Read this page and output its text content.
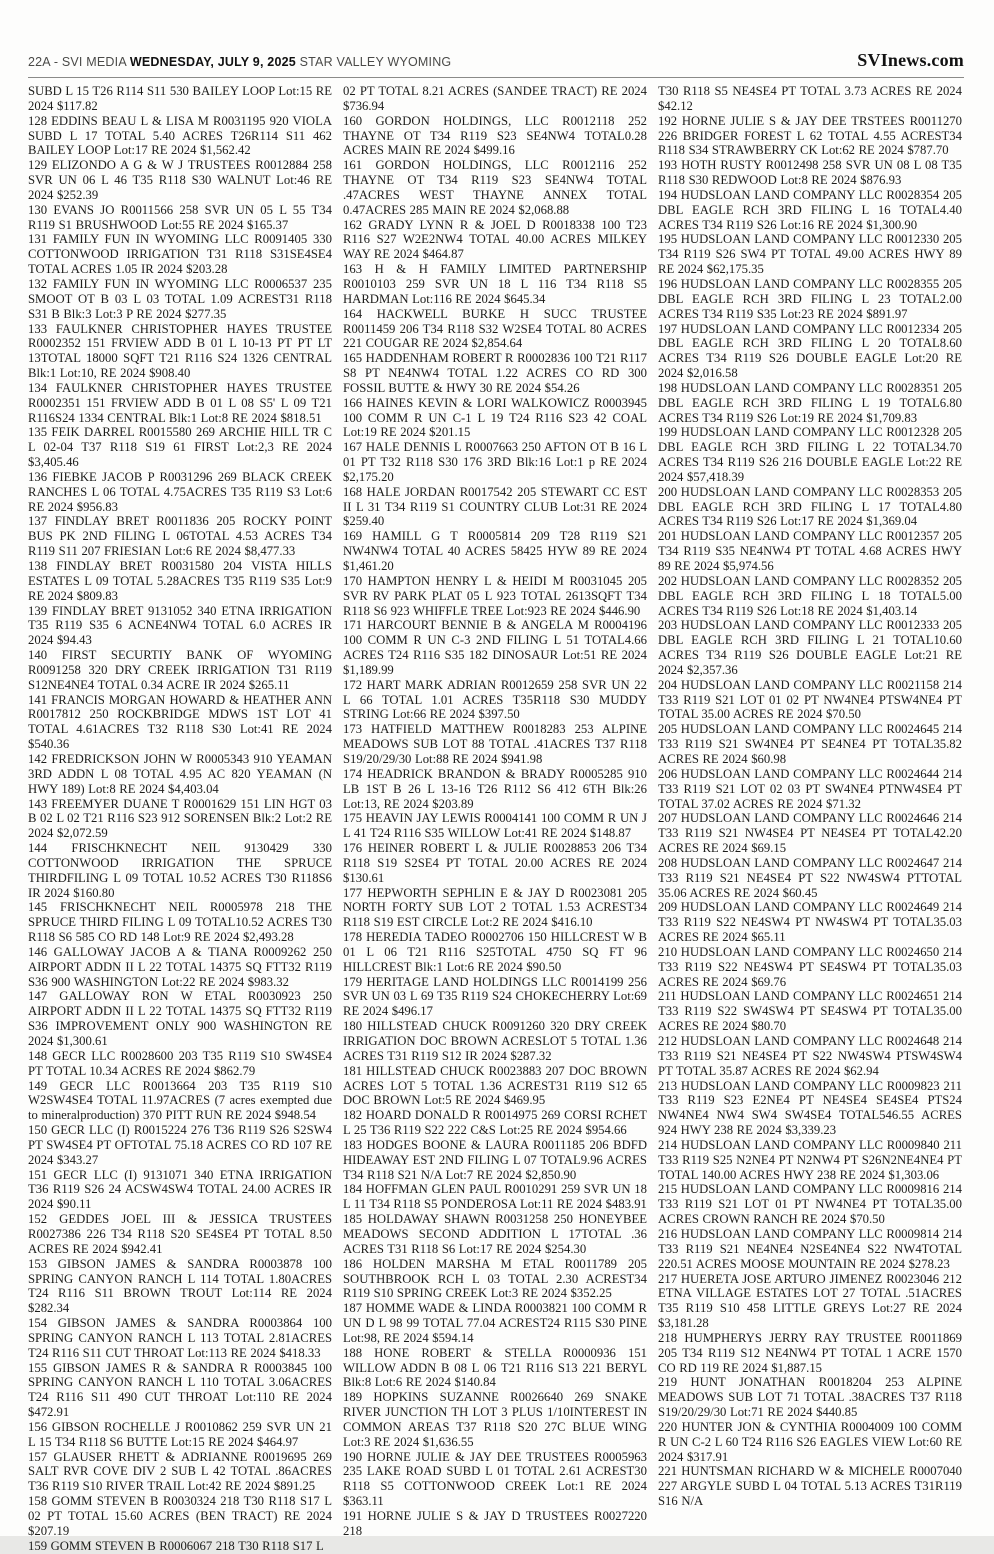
22A - SVI MEDIA WEDNESDAY, JULY 9, 2025 STAR VALLEY WYOMING	SVInews.com

SUBD L 15 T26 R114 S11 530 BAILEY LOOP Lot:15 RE 2024 $117.82

128 EDDINS BEAU L & LISA M R0031195 920 VIOLA SUBD L 17 TOTAL 5.40 ACRES T26R114 S11 462 BAILEY LOOP Lot:17 RE 2024 $1,562.42

129 ELIZONDO A G & W J TRUSTEES R0012884 258 SVR UN 06 L 46 T35 R118 S30 WALNUT Lot:46 RE 2024 $252.39

130 EVANS JO R0011566 258 SVR UN 05 L 55 T34 R119 S1 BRUSHWOOD Lot:55 RE 2024 $165.37

131 FAMILY FUN IN WYOMING LLC R0091405 330 COTTONWOOD IRRIGATION T31 R118 S31SE4SE4 TOTAL ACRES 1.05 IR 2024 $203.28

132 FAMILY FUN IN WYOMING LLC R0006537 235 SMOOT OT B 03 L 03 TOTAL 1.09 ACREST31 R118 S31 B Blk:3 Lot:3 P RE 2024 $277.35

133 FAULKNER CHRISTOPHER HAYES TRUSTEE R0002352 151 FRVIEW ADD B 01 L 10-13 PT PT LT 13TOTAL 18000 SQFT T21 R116 S24 1326 CENTRAL Blk:1 Lot:10, RE 2024 $908.40

134 FAULKNER CHRISTOPHER HAYES TRUSTEE R0002351 151 FRVIEW ADD B 01 L 08 S5' L 09 T21 R116S24 1334 CENTRAL Blk:1 Lot:8 RE 2024 $818.51

135 FEIK DARREL R0015580 269 ARCHIE HILL TR C L 02-04 T37 R118 S19 61 FIRST Lot:2,3 RE 2024 $3,405.46

136 FIEBKE JACOB P R0031296 269 BLACK CREEK RANCHES L 06 TOTAL 4.75ACRES T35 R119 S3 Lot:6 RE 2024 $956.83

137 FINDLAY BRET R0011836 205 ROCKY POINT BUS PK 2ND FILING L 06TOTAL 4.53 ACRES T34 R119 S11 207 FRIESIAN Lot:6 RE 2024 $8,477.33

138 FINDLAY BRET R0031580 204 VISTA HILLS ESTATES L 09 TOTAL 5.28ACRES T35 R119 S35 Lot:9 RE 2024 $809.83

139 FINDLAY BRET 9131052 340 ETNA IRRIGATION T35 R119 S35 6 ACNE4NW4 TOTAL 6.0 ACRES IR 2024 $94.43

140 FIRST SECURTIY BANK OF WYOMING R0091258 320 DRY CREEK IRRIGATION T31 R119 S12NE4NE4 TOTAL 0.34 ACRE IR 2024 $265.11

141 FRANCIS MORGAN HOWARD & HEATHER ANN R0017812 250 ROCKBRIDGE MDWS 1ST LOT 41 TOTAL 4.61ACRES T32 R118 S30 Lot:41 RE 2024 $540.36

142 FREDRICKSON JOHN W R0005343 910 YEAMAN 3RD ADDN L 08 TOTAL 4.95 AC 820 YEAMAN (N HWY 189) Lot:8 RE 2024 $4,403.04

143 FREEMYER DUANE T R0001629 151 LIN HGT 03 B 02 L 02 T21 R116 S23 912 SORENSEN Blk:2 Lot:2 RE 2024 $2,072.59

144 FRISCHKNECHT NEIL 9130429 330 COTTONWOOD IRRIGATION THE SPRUCE THIRDFILING L 09 TOTAL 10.52 ACRES T30 R118S6 IR 2024 $160.80

145 FRISCHKNECHT NEIL R0005978 218 THE SPRUCE THIRD FILING L 09 TOTAL10.52 ACRES T30 R118 S6 585 CO RD 148 Lot:9 RE 2024 $2,493.28

146 GALLOWAY JACOB A & TIANA R0009262 250 AIRPORT ADDN II L 22 TOTAL 14375 SQ FTT32 R119 S36 900 WASHINGTON Lot:22 RE 2024 $983.32

147 GALLOWAY RON W ETAL R0030923 250 AIRPORT ADDN II L 22 TOTAL 14375 SQ FTT32 R119 S36 IMPROVEMENT ONLY 900 WASHINGTON RE 2024 $1,300.61

148 GECR LLC R0028600 203 T35 R119 S10 SW4SE4 PT TOTAL 10.34 ACRES RE 2024 $862.79

149 GECR LLC R0013664 203 T35 R119 S10 W2SW4SE4 TOTAL 11.97ACRES (7 acres exempted due to mineralproduction) 370 PITT RUN RE 2024 $948.54

150 GECR LLC (I) R0015224 276 T36 R119 S26 S2SW4 PT SW4SE4 PT OFTOTAL 75.18 ACRES CO RD 107 RE 2024 $343.27

151 GECR LLC (I) 9131071 340 ETNA IRRIGATION T36 R119 S26 24 ACSW4SW4 TOTAL 24.00 ACRES IR 2024 $90.11

152 GEDDES JOEL III & JESSICA TRUSTEES R0027386 226 T34 R118 S20 SE4SE4 PT TOTAL 8.50 ACRES RE 2024 $942.41

153 GIBSON JAMES & SANDRA R0003878 100 SPRING CANYON RANCH L 114 TOTAL 1.80ACRES T24 R116 S11 BROWN TROUT Lot:114 RE 2024 $282.34

154 GIBSON JAMES & SANDRA R0003864 100 SPRING CANYON RANCH L 113 TOTAL 2.81ACRES T24 R116 S11 CUT THROAT Lot:113 RE 2024 $418.33

155 GIBSON JAMES R & SANDRA R R0003845 100 SPRING CANYON RANCH L 110 TOTAL 3.06ACRES T24 R116 S11 490 CUT THROAT Lot:110 RE 2024 $472.91

156 GIBSON ROCHELLE J R0010862 259 SVR UN 21 L 15 T34 R118 S6 BUTTE Lot:15 RE 2024 $464.97

157 GLAUSER RHETT & ADRIANNE R0019695 269 SALT RVR COVE DIV 2 SUB L 42 TOTAL .86ACRES T36 R119 S10 RIVER TRAIL Lot:42 RE 2024 $891.25

158 GOMM STEVEN B R0030324 218 T30 R118 S17 L 02 PT TOTAL 15.60 ACRES (BEN TRACT) RE 2024 $207.19

159 GOMM STEVEN B R0006067 218 T30 R118 S17 L

02 PT TOTAL 8.21 ACRES (SANDEE TRACT) RE 2024 $736.94

160 GORDON HOLDINGS, LLC R0012118 252 THAYNE OT T34 R119 S23 SE4NW4 TOTAL0.28 ACRES MAIN RE 2024 $499.16

161 GORDON HOLDINGS, LLC R0012116 252 THAYNE OT T34 R119 S23 SE4NW4 TOTAL .47ACRES WEST THAYNE ANNEX TOTAL 0.47ACRES 285 MAIN RE 2024 $2,068.88

162 GRADY LYNN R & JOEL D R0018338 100 T23 R116 S27 W2E2NW4 TOTAL 40.00 ACRES MILKEY WAY RE 2024 $464.87

163 H & H FAMILY LIMITED PARTNERSHIP R0010103 259 SVR UN 18 L 116 T34 R118 S5 HARDMAN Lot:116 RE 2024 $645.34

164 HACKWELL BURKE H SUCC TRUSTEE R0011459 206 T34 R118 S32 W2SE4 TOTAL 80 ACRES 221 COUGAR RE 2024 $2,854.64

165 HADDENHAM ROBERT R R0002836 100 T21 R117 S8 PT NE4NW4 TOTAL 1.22 ACRES CO RD 300 FOSSIL BUTTE & HWY 30 RE 2024 $54.26

166 HAINES KEVIN & LORI WALKOWICZ R0003945 100 COMM R UN C-1 L 19 T24 R116 S23 42 COAL Lot:19 RE 2024 $201.15

167 HALE DENNIS L R0007663 250 AFTON OT B 16 L 01 PT T32 R118 S30 176 3RD Blk:16 Lot:1 p RE 2024 $2,175.20

168 HALE JORDAN R0017542 205 STEWART CC EST II L 31 T34 R119 S1 COUNTRY CLUB Lot:31 RE 2024 $259.40

169 HAMILL G T R0005814 209 T28 R119 S21 NW4NW4 TOTAL 40 ACRES 58425 HYW 89 RE 2024 $1,461.20

170 HAMPTON HENRY L & HEIDI M R0031045 205 SVR RV PARK PLAT 05 L 923 TOTAL 2613SQFT T34 R118 S6 923 WHIFFLE TREE Lot:923 RE 2024 $446.90

171 HARCOURT BENNIE B & ANGELA M R0004196 100 COMM R UN C-3 2ND FILING L 51 TOTAL4.66 ACRES T24 R116 S35 182 DINOSAUR Lot:51 RE 2024 $1,189.99

172 HART MARK ADRIAN R0012659 258 SVR UN 22 L 66 TOTAL 1.01 ACRES T35R118 S30 MUDDY STRING Lot:66 RE 2024 $397.50

173 HATFIELD MATTHEW R0018283 253 ALPINE MEADOWS SUB LOT 88 TOTAL .41ACRES T37 R118 S19/20/29/30 Lot:88 RE 2024 $941.98

174 HEADRICK BRANDON & BRADY R0005285 910 LB 1ST B 26 L 13-16 T26 R112 S6 412 6TH Blk:26 Lot:13, RE 2024 $203.89

175 HEAVIN JAY LEWIS R0004141 100 COMM R UN J L 41 T24 R116 S35 WILLOW Lot:41 RE 2024 $148.87

176 HEINER ROBERT L & JULIE R0028853 206 T34 R118 S19 S2SE4 PT TOTAL 20.00 ACRES RE 2024 $130.61

177 HEPWORTH SEPHLIN E & JAY D R0023081 205 NORTH FORTY SUB LOT 2 TOTAL 1.53 ACREST34 R118 S19 EST CIRCLE Lot:2 RE 2024 $416.10

178 HEREDIA TADEO R0002706 150 HILLCREST W B 01 L 06 T21 R116 S25TOTAL 4750 SQ FT 96 HILLCREST Blk:1 Lot:6 RE 2024 $90.50

179 HERITAGE LAND HOLDINGS LLC R0014199 256 SVR UN 03 L 69 T35 R119 S24 CHOKECHERRY Lot:69 RE 2024 $496.17

180 HILLSTEAD CHUCK R0091260 320 DRY CREEK IRRIGATION DOC BROWN ACRESLOT 5 TOTAL 1.36 ACRES T31 R119 S12 IR 2024 $287.32

181 HILLSTEAD CHUCK R0023883 207 DOC BROWN ACRES LOT 5 TOTAL 1.36 ACREST31 R119 S12 65 DOC BROWN Lot:5 RE 2024 $469.95

182 HOARD DONALD R R0014975 269 CORSI RCHET L 25 T36 R119 S22 222 C&S Lot:25 RE 2024 $954.66

183 HODGES BOONE & LAURA R0011185 206 BDFD HIDEAWAY EST 2ND FILING L 07 TOTAL9.96 ACRES T34 R118 S21 N/A Lot:7 RE 2024 $2,850.90

184 HOFFMAN GLEN PAUL R0010291 259 SVR UN 18 L 11 T34 R118 S5 PONDEROSA Lot:11 RE 2024 $483.91

185 HOLDAWAY SHAWN R0031258 250 HONEYBEE MEADOWS SECOND ADDITION L 17TOTAL .36 ACRES T31 R118 S6 Lot:17 RE 2024 $254.30

186 HOLDEN MARSHA M ETAL R0011789 205 SOUTHBROOK RCH L 03 TOTAL 2.30 ACREST34 R119 S10 SPRING CREEK Lot:3 RE 2024 $352.25

187 HOMME WADE & LINDA R0003821 100 COMM R UN D L 98 99 TOTAL 77.04 ACREST24 R115 S30 PINE Lot:98, RE 2024 $594.14

188 HONE ROBERT & STELLA R0000936 151 WILLOW ADDN B 08 L 06 T21 R116 S13 221 BERYL Blk:8 Lot:6 RE 2024 $140.84

189 HOPKINS SUZANNE R0026640 269 SNAKE RIVER JUNCTION TH LOT 3 PLUS 1/10INTEREST IN COMMON AREAS T37 R118 S20 27C BLUE WING Lot:3 RE 2024 $1,636.55

190 HORNE JULIE & JAY DEE TRUSTEES R0005963 235 LAKE ROAD SUBD L 01 TOTAL 2.61 ACREST30 R118 S5 COTTONWOOD CREEK Lot:1 RE 2024 $363.11

191 HORNE JULIE S & JAY D TRUSTEES R0027220 218

T30 R118 S5 NE4SE4 PT TOTAL 3.73 ACRES RE 2024 $42.12

192 HORNE JULIE S & JAY DEE TRSTEES R0011270 226 BRIDGER FOREST L 62 TOTAL 4.55 ACREST34 R118 S34 STRAWBERRY CK Lot:62 RE 2024 $787.70

193 HOTH RUSTY R0012498 258 SVR UN 08 L 08 T35 R118 S30 REDWOOD Lot:8 RE 2024 $876.93

194 HUDSLOAN LAND COMPANY LLC R0028354 205 DBL EAGLE RCH 3RD FILING L 16 TOTAL4.40 ACRES T34 R119 S26 Lot:16 RE 2024 $1,300.90

195 HUDSLOAN LAND COMPANY LLC R0012330 205 T34 R119 S26 SW4 PT TOTAL 49.00 ACRES HWY 89 RE 2024 $62,175.35

196 HUDSLOAN LAND COMPANY LLC R0028355 205 DBL EAGLE RCH 3RD FILING L 23 TOTAL2.00 ACRES T34 R119 S35 Lot:23 RE 2024 $891.97

197 HUDSLOAN LAND COMPANY LLC R0012334 205 DBL EAGLE RCH 3RD FILING L 20 TOTAL8.60 ACRES T34 R119 S26 DOUBLE EAGLE Lot:20 RE 2024 $2,016.58

198 HUDSLOAN LAND COMPANY LLC R0028351 205 DBL EAGLE RCH 3RD FILING L 19 TOTAL6.80 ACRES T34 R119 S26 Lot:19 RE 2024 $1,709.83

199 HUDSLOAN LAND COMPANY LLC R0012328 205 DBL EAGLE RCH 3RD FILING L 22 TOTAL34.70 ACRES T34 R119 S26 216 DOUBLE EAGLE Lot:22 RE 2024 $57,418.39

200 HUDSLOAN LAND COMPANY LLC R0028353 205 DBL EAGLE RCH 3RD FILING L 17 TOTAL4.80 ACRES T34 R119 S26 Lot:17 RE 2024 $1,369.04

201 HUDSLOAN LAND COMPANY LLC R0012357 205 T34 R119 S35 NE4NW4 PT TOTAL 4.68 ACRES HWY 89 RE 2024 $5,974.56

202 HUDSLOAN LAND COMPANY LLC R0028352 205 DBL EAGLE RCH 3RD FILING L 18 TOTAL5.00 ACRES T34 R119 S26 Lot:18 RE 2024 $1,403.14

203 HUDSLOAN LAND COMPANY LLC R0012333 205 DBL EAGLE RCH 3RD FILING L 21 TOTAL10.60 ACRES T34 R119 S26 DOUBLE EAGLE Lot:21 RE 2024 $2,357.36

204 HUDSLOAN LAND COMPANY LLC R0021158 214 T33 R119 S21 LOT 01 02 PT NW4NE4 PTSW4NE4 PT TOTAL 35.00 ACRES RE 2024 $70.50

205 HUDSLOAN LAND COMPANY LLC R0024645 214 T33 R119 S21 SW4NE4 PT SE4NE4 PT TOTAL35.82 ACRES RE 2024 $60.98

206 HUDSLOAN LAND COMPANY LLC R0024644 214 T33 R119 S21 LOT 02 03 PT SW4NE4 PTNW4SE4 PT TOTAL 37.02 ACRES RE 2024 $71.32

207 HUDSLOAN LAND COMPANY LLC R0024646 214 T33 R119 S21 NW4SE4 PT NE4SE4 PT TOTAL42.20 ACRES RE 2024 $69.15

208 HUDSLOAN LAND COMPANY LLC R0024647 214 T33 R119 S21 NE4SE4 PT S22 NW4SW4 PTTOTAL 35.06 ACRES RE 2024 $60.45

209 HUDSLOAN LAND COMPANY LLC R0024649 214 T33 R119 S22 NE4SW4 PT NW4SW4 PT TOTAL35.03 ACRES RE 2024 $65.11

210 HUDSLOAN LAND COMPANY LLC R0024650 214 T33 R119 S22 NE4SW4 PT SE4SW4 PT TOTAL35.03 ACRES RE 2024 $69.76

211 HUDSLOAN LAND COMPANY LLC R0024651 214 T33 R119 S22 SW4SW4 PT SE4SW4 PT TOTAL35.00 ACRES RE 2024 $80.70

212 HUDSLOAN LAND COMPANY LLC R0024648 214 T33 R119 S21 NE4SE4 PT S22 NW4SW4 PTSW4SW4 PT TOTAL 35.87 ACRES RE 2024 $62.94

213 HUDSLOAN LAND COMPANY LLC R0009823 211 T33 R119 S23 E2NE4 PT NE4SE4 SE4SE4 PTS24 NW4NE4 NW4 SW4 SW4SE4 TOTAL546.55 ACRES 924 HWY 238 RE 2024 $3,339.23

214 HUDSLOAN LAND COMPANY LLC R0009840 211 T33 R119 S25 N2NE4 PT N2NW4 PT S26N2NE4NE4 PT TOTAL 140.00 ACRES HWY 238 RE 2024 $1,303.06

215 HUDSLOAN LAND COMPANY LLC R0009816 214 T33 R119 S21 LOT 01 PT NW4NE4 PT TOTAL35.00 ACRES CROWN RANCH RE 2024 $70.50

216 HUDSLOAN LAND COMPANY LLC R0009814 214 T33 R119 S21 NE4NE4 N2SE4NE4 S22 NW4TOTAL 220.51 ACRES MOOSE MOUNTAIN RE 2024 $278.23

217 HUERETA JOSE ARTURO JIMENEZ R0023046 212 ETNA VILLAGE ESTATES LOT 27 TOTAL .51ACRES T35 R119 S10 458 LITTLE GREYS Lot:27 RE 2024 $3,181.28

218 HUMPHERYS JERRY RAY TRUSTEE R0011869 205 T34 R119 S12 NE4NW4 PT TOTAL 1 ACRE 1570 CO RD 119 RE 2024 $1,887.15

219 HUNT JONATHAN R0018204 253 ALPINE MEADOWS SUB LOT 71 TOTAL .38ACRES T37 R118 S19/20/29/30 Lot:71 RE 2024 $440.85

220 HUNTER JON & CYNTHIA R0004009 100 COMM R UN C-2 L 60 T24 R116 S26 EAGLES VIEW Lot:60 RE 2024 $317.91

221 HUNTSMAN RICHARD W & MICHELE R0007040 227 ARGYLE SUBD L 04 TOTAL 5.13 ACRES T31R119 S16 N/A
